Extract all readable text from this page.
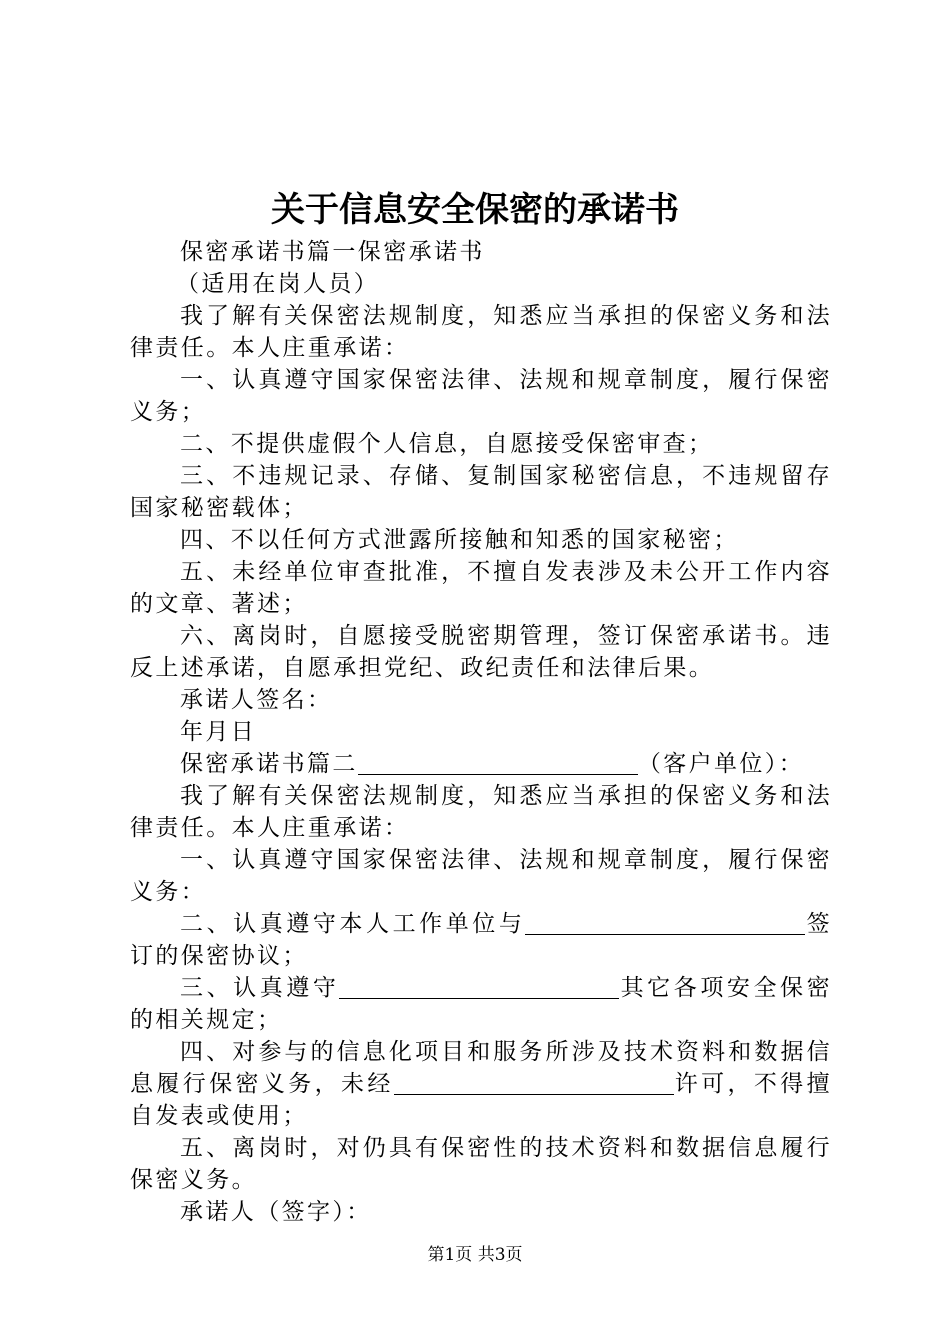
关于信息安全保密的承诺书

保密承诺书篇一保密承诺书

（适用在岗人员）

我了解有关保密法规制度，知悉应当承担的保密义务和法律责任。本人庄重承诺：

一、认真遵守国家保密法律、法规和规章制度，履行保密义务；

二、不提供虚假个人信息，自愿接受保密审查；

三、不违规记录、存储、复制国家秘密信息，不违规留存国家秘密载体；

四、不以任何方式泄露所接触和知悉的国家秘密；

五、未经单位审查批准，不擅自发表涉及未公开工作内容的文章、著述；

六、离岗时，自愿接受脱密期管理，签订保密承诺书。违反上述承诺，自愿承担党纪、政纪责任和法律后果。

承诺人签名：

年月日

保密承诺书篇二	（客户单位）：

我了解有关保密法规制度，知悉应当承担的保密义务和法律责任。本人庄重承诺：

一、认真遵守国家保密法律、法规和规章制度，履行保密义务：

二、认真遵守本人工作单位与	签订的保密协议；

三、认真遵守	其它各项安全保密的相关规定；

四、对参与的信息化项目和服务所涉及技术资料和数据信息履行保密义务，未经	许可，不得擅自发表或使用；

五、离岗时，对仍具有保密性的技术资料和数据信息履行保密义务。

承诺人（签字）：

第1页 共3页
